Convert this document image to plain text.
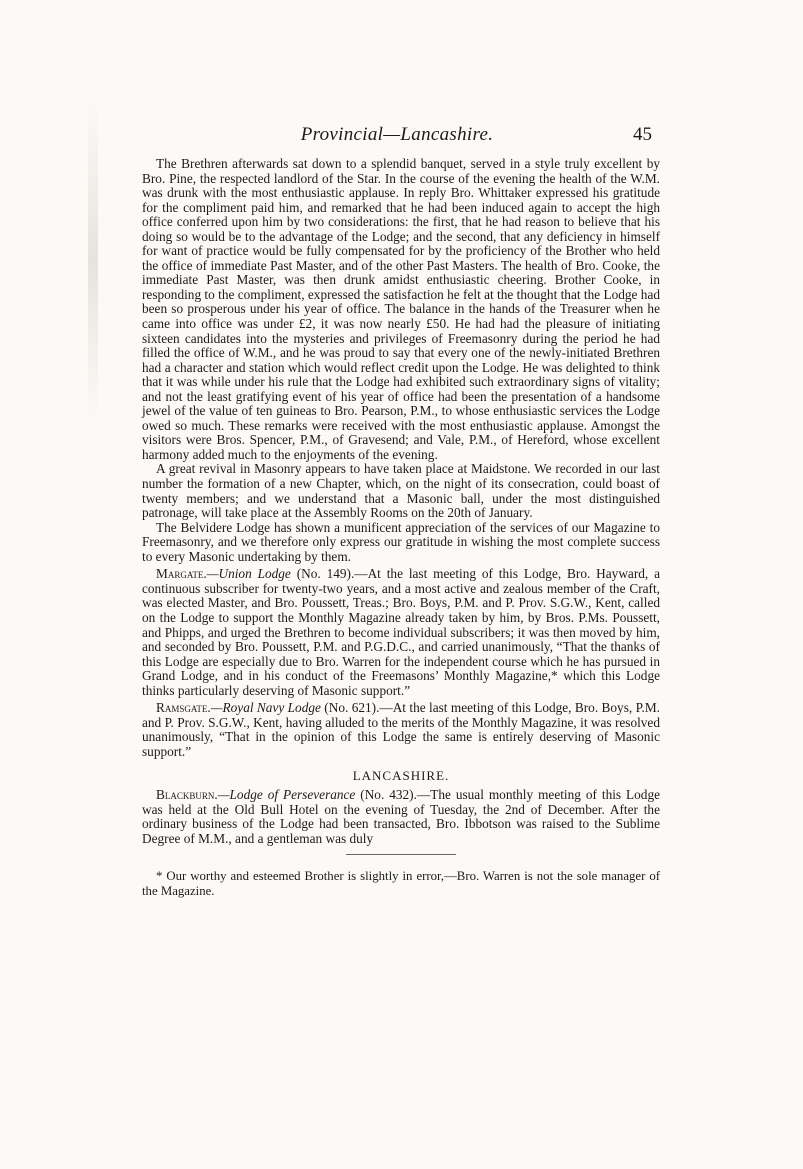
Provincial—Lancashire.	45

The Brethren afterwards sat down to a splendid banquet, served in a style truly excellent by Bro. Pine, the respected landlord of the Star. In the course of the evening the health of the W.M. was drunk with the most enthusiastic applause. In reply Bro. Whittaker expressed his gratitude for the compliment paid him, and remarked that he had been induced again to accept the high office conferred upon him by two considerations: the first, that he had reason to believe that his doing so would be to the advantage of the Lodge; and the second, that any deficiency in himself for want of practice would be fully compensated for by the proficiency of the Brother who held the office of immediate Past Master, and of the other Past Masters. The health of Bro. Cooke, the immediate Past Master, was then drunk amidst enthusiastic cheering. Brother Cooke, in responding to the compliment, expressed the satisfaction he felt at the thought that the Lodge had been so prosperous under his year of office. The balance in the hands of the Treasurer when he came into office was under £2, it was now nearly £50. He had had the pleasure of initiating sixteen candidates into the mysteries and privileges of Freemasonry during the period he had filled the office of W.M., and he was proud to say that every one of the newly-initiated Brethren had a character and station which would reflect credit upon the Lodge. He was delighted to think that it was while under his rule that the Lodge had exhibited such extraordinary signs of vitality; and not the least gratifying event of his year of office had been the presentation of a handsome jewel of the value of ten guineas to Bro. Pearson, P.M., to whose enthusiastic services the Lodge owed so much. These remarks were received with the most enthusiastic applause. Amongst the visitors were Bros. Spencer, P.M., of Gravesend; and Vale, P.M., of Hereford, whose excellent harmony added much to the enjoyments of the evening.

A great revival in Masonry appears to have taken place at Maidstone. We recorded in our last number the formation of a new Chapter, which, on the night of its consecration, could boast of twenty members; and we understand that a Masonic ball, under the most distinguished patronage, will take place at the Assembly Rooms on the 20th of January.

The Belvidere Lodge has shown a munificent appreciation of the services of our Magazine to Freemasonry, and we therefore only express our gratitude in wishing the most complete success to every Masonic undertaking by them.

Margate.—Union Lodge (No. 149).—At the last meeting of this Lodge, Bro. Hayward, a continuous subscriber for twenty-two years, and a most active and zealous member of the Craft, was elected Master, and Bro. Poussett, Treas.; Bro. Boys, P.M. and P. Prov. S.G.W., Kent, called on the Lodge to support the Monthly Magazine already taken by him, by Bros. P.Ms. Poussett, and Phipps, and urged the Brethren to become individual subscribers; it was then moved by him, and seconded by Bro. Poussett, P.M. and P.G.D.C., and carried unanimously, “That the thanks of this Lodge are especially due to Bro. Warren for the independent course which he has pursued in Grand Lodge, and in his conduct of the Freemasons’ Monthly Magazine,* which this Lodge thinks particularly deserving of Masonic support.”

Ramsgate.—Royal Navy Lodge (No. 621).—At the last meeting of this Lodge, Bro. Boys, P.M. and P. Prov. S.G.W., Kent, having alluded to the merits of the Monthly Magazine, it was resolved unanimously, “That in the opinion of this Lodge the same is entirely deserving of Masonic support.”

LANCASHIRE.

Blackburn.—Lodge of Perseverance (No. 432).—The usual monthly meeting of this Lodge was held at the Old Bull Hotel on the evening of Tuesday, the 2nd of December. After the ordinary business of the Lodge had been transacted, Bro. Ibbotson was raised to the Sublime Degree of M.M., and a gentleman was duly

* Our worthy and esteemed Brother is slightly in error,—Bro. Warren is not the sole manager of the Magazine.
